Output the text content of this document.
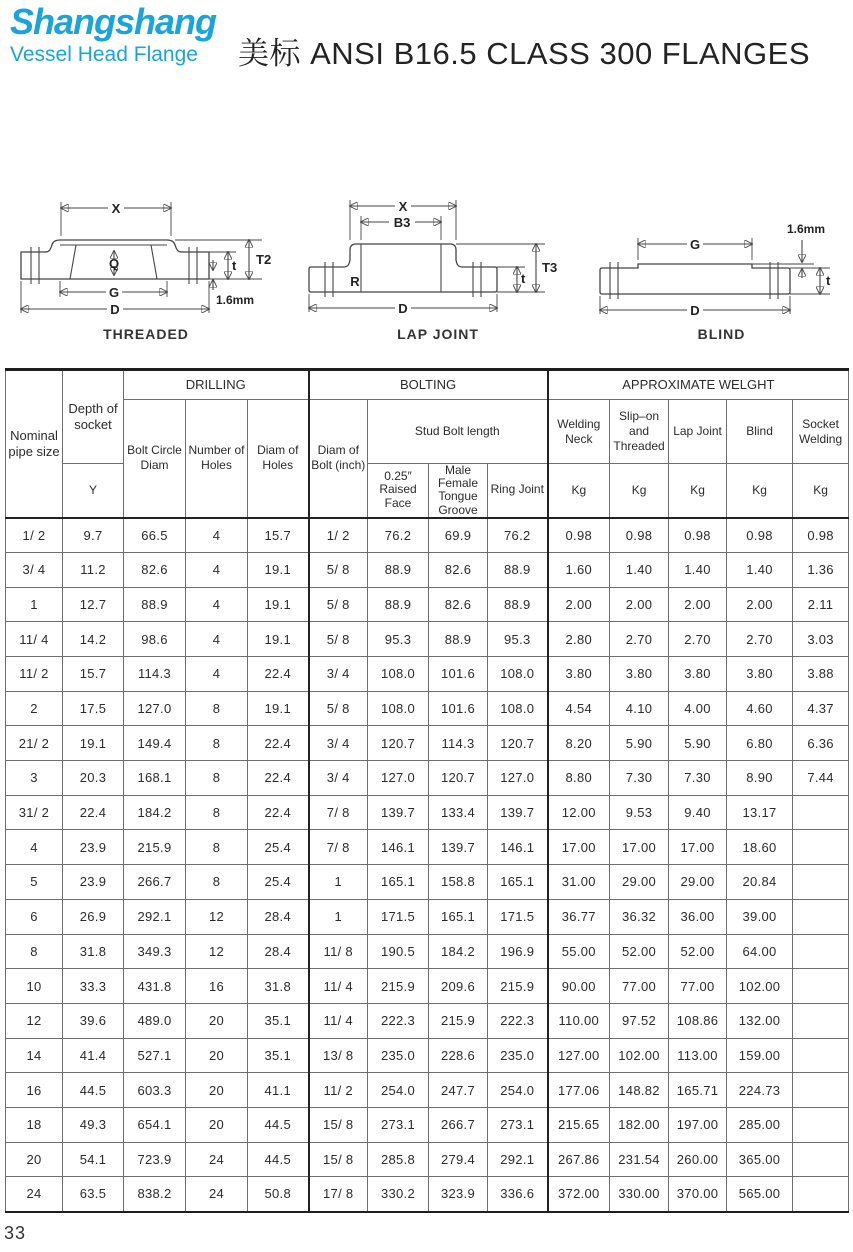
Shangshang
Vessel Head Flange	美标 ANSI B16.5 CLASS 300 FLANGES
X
Q
G
D
t T2
1.6mm
THREADED
X
B3
R
D
t
T3
LAP JOINT
G
1.6mm
D
t
BLIND
Nominal pipe size	Depth of socket	DRILLING			BOLTING				APPROXIMATE WELGHT				
		Bolt Circle Diam	Number of Holes	Diam of Holes	Diam of Bolt (inch)	Stud Bolt length			Welding Neck	Slip–on and Threaded	Lap Joint	Blind	Socket Welding
	Y					0.25″ Raised Face	Male Female Tongue Groove	Ring Joint	Kg	Kg	Kg	Kg	Kg
1/ 2	9.7	66.5	4	15.7	1/ 2	76.2	69.9	76.2	0.98	0.98	0.98	0.98	0.98
3/ 4	11.2	82.6	4	19.1	5/ 8	88.9	82.6	88.9	1.60	1.40	1.40	1.40	1.36
1	12.7	88.9	4	19.1	5/ 8	88.9	82.6	88.9	2.00	2.00	2.00	2.00	2.11
11/ 4	14.2	98.6	4	19.1	5/ 8	95.3	88.9	95.3	2.80	2.70	2.70	2.70	3.03
11/ 2	15.7	114.3	4	22.4	3/ 4	108.0	101.6	108.0	3.80	3.80	3.80	3.80	3.88
2	17.5	127.0	8	19.1	5/ 8	108.0	101.6	108.0	4.54	4.10	4.00	4.60	4.37
21/ 2	19.1	149.4	8	22.4	3/ 4	120.7	114.3	120.7	8.20	5.90	5.90	6.80	6.36
3	20.3	168.1	8	22.4	3/ 4	127.0	120.7	127.0	8.80	7.30	7.30	8.90	7.44
31/ 2	22.4	184.2	8	22.4	7/ 8	139.7	133.4	139.7	12.00	9.53	9.40	13.17	
4	23.9	215.9	8	25.4	7/ 8	146.1	139.7	146.1	17.00	17.00	17.00	18.60	
5	23.9	266.7	8	25.4	1	165.1	158.8	165.1	31.00	29.00	29.00	20.84	
6	26.9	292.1	12	28.4	1	171.5	165.1	171.5	36.77	36.32	36.00	39.00	
8	31.8	349.3	12	28.4	11/ 8	190.5	184.2	196.9	55.00	52.00	52.00	64.00	
10	33.3	431.8	16	31.8	11/ 4	215.9	209.6	215.9	90.00	77.00	77.00	102.00	
12	39.6	489.0	20	35.1	11/ 4	222.3	215.9	222.3	110.00	97.52	108.86	132.00	
14	41.4	527.1	20	35.1	13/ 8	235.0	228.6	235.0	127.00	102.00	113.00	159.00	
16	44.5	603.3	20	41.1	11/ 2	254.0	247.7	254.0	177.06	148.82	165.71	224.73	
18	49.3	654.1	20	44.5	15/ 8	273.1	266.7	273.1	215.65	182.00	197.00	285.00	
20	54.1	723.9	24	44.5	15/ 8	285.8	279.4	292.1	267.86	231.54	260.00	365.00	
24	63.5	838.2	24	50.8	17/ 8	330.2	323.9	336.6	372.00	330.00	370.00	565.00	
33
